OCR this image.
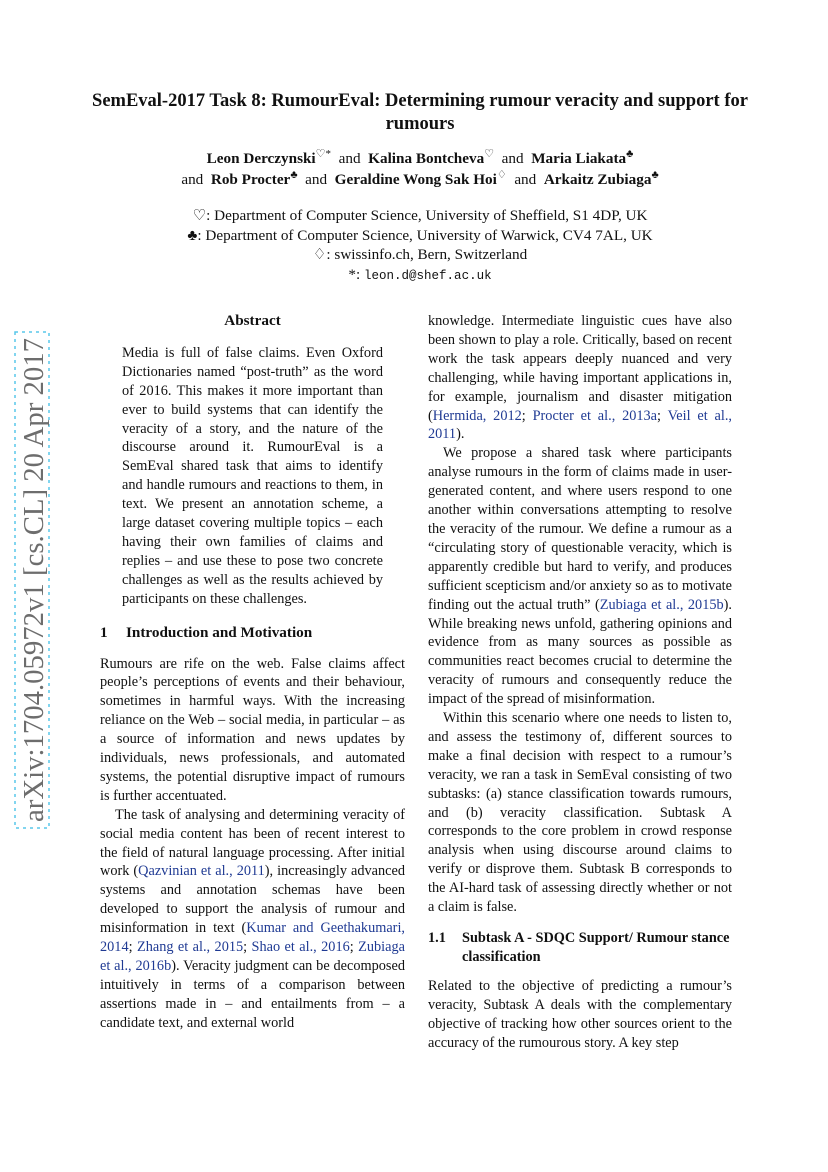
arXiv:1704.05972v1 [cs.CL] 20 Apr 2017
SemEval-2017 Task 8: RumourEval: Determining rumour veracity and support for rumours
Leon Derczynski♡* and Kalina Bontcheva♡ and Maria Liakata♣
and Rob Procter♣ and Geraldine Wong Sak Hoi♢ and Arkaitz Zubiaga♣
♡: Department of Computer Science, University of Sheffield, S1 4DP, UK
♣: Department of Computer Science, University of Warwick, CV4 7AL, UK
♢: swissinfo.ch, Bern, Switzerland
*: leon.d@shef.ac.uk
Abstract

Media is full of false claims. Even Oxford Dictionaries named “post-truth” as the word of 2016. This makes it more important than ever to build systems that can identify the veracity of a story, and the nature of the discourse around it. RumourEval is a SemEval shared task that aims to identify and handle rumours and reactions to them, in text. We present an annotation scheme, a large dataset covering multiple topics – each having their own families of claims and replies – and use these to pose two concrete challenges as well as the results achieved by participants on these challenges.

1	Introduction and Motivation

Rumours are rife on the web. False claims affect people’s perceptions of events and their behaviour, sometimes in harmful ways. With the increasing reliance on the Web – social media, in particular – as a source of information and news updates by individuals, news professionals, and automated systems, the potential disruptive impact of rumours is further accentuated.

The task of analysing and determining veracity of social media content has been of recent interest to the field of natural language processing. After initial work (Qazvinian et al., 2011), increasingly advanced systems and annotation schemas have been developed to support the analysis of rumour and misinformation in text (Kumar and Geethakumari, 2014; Zhang et al., 2015; Shao et al., 2016; Zubiaga et al., 2016b). Veracity judgment can be decomposed intuitively in terms of a comparison between assertions made in – and entailments from – a candidate text, and external world

knowledge. Intermediate linguistic cues have also been shown to play a role. Critically, based on recent work the task appears deeply nuanced and very challenging, while having important applications in, for example, journalism and disaster mitigation (Hermida, 2012; Procter et al., 2013a; Veil et al., 2011).

We propose a shared task where participants analyse rumours in the form of claims made in user-generated content, and where users respond to one another within conversations attempting to resolve the veracity of the rumour. We define a rumour as a “circulating story of questionable veracity, which is apparently credible but hard to verify, and produces sufficient scepticism and/or anxiety so as to motivate finding out the actual truth” (Zubiaga et al., 2015b). While breaking news unfold, gathering opinions and evidence from as many sources as possible as communities react becomes crucial to determine the veracity of rumours and consequently reduce the impact of the spread of misinformation.

Within this scenario where one needs to listen to, and assess the testimony of, different sources to make a final decision with respect to a rumour’s veracity, we ran a task in SemEval consisting of two subtasks: (a) stance classification towards rumours, and (b) veracity classification. Subtask A corresponds to the core problem in crowd response analysis when using discourse around claims to verify or disprove them. Subtask B corresponds to the AI-hard task of assessing directly whether or not a claim is false.

1.1	Subtask A - SDQC Support/ Rumour stance classification

Related to the objective of predicting a rumour’s veracity, Subtask A deals with the complementary objective of tracking how other sources orient to the accuracy of the rumourous story. A key step
